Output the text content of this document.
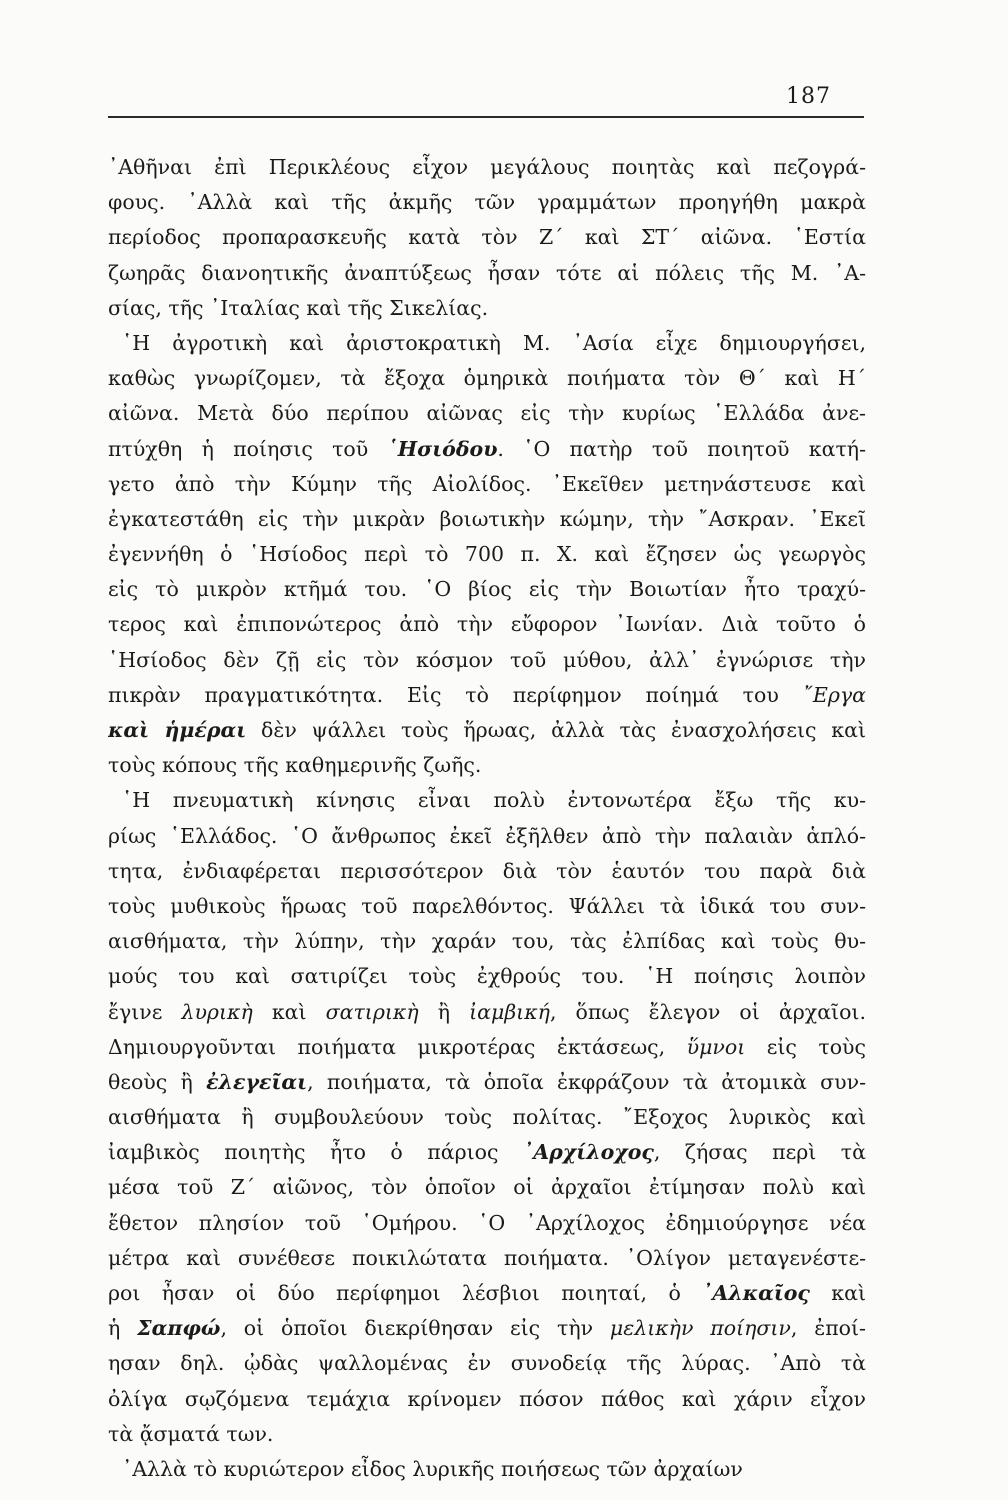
187
᾿Αθῆναι ἐπὶ Περικλέους εἶχον μεγάλους ποιητὰς καὶ πεζογρά-
φους. ᾿Αλλὰ καὶ τῆς ἀκμῆς τῶν γραμμάτων προηγήθη μακρὰ
περίοδος προπαρασκευῆς κατὰ τὸν Ζ΄ καὶ ΣΤ΄ αἰῶνα. ῾Εστία
ζωηρᾶς διανοητικῆς ἀναπτύξεως ἦσαν τότε αἱ πόλεις τῆς Μ. ᾿Α-
σίας, τῆς ᾿Ιταλίας καὶ τῆς Σικελίας.
῾Η ἀγροτικὴ καὶ ἀριστοκρατικὴ Μ. ᾿Ασία εἶχε δημιουργήσει,
καθὼς γνωρίζομεν, τὰ ἔξοχα ὁμηρικὰ ποιήματα τὸν Θ΄ καὶ Η΄
αἰῶνα. Μετὰ δύο περίπου αἰῶνας εἰς τὴν κυρίως ῾Ελλάδα ἀνε-
πτύχθη ἡ ποίησις τοῦ ῾Ησιόδου. ῾Ο πατὴρ τοῦ ποιητοῦ κατή-
γετο ἀπὸ τὴν Κύμην τῆς Αἰολίδος. ᾿Εκεῖθεν μετηνάστευσε καὶ
ἐγκατεστάθη εἰς τὴν μικρὰν βοιωτικὴν κώμην, τὴν ῎Ασκραν. ᾿Εκεῖ
ἐγεννήθη ὁ ῾Ησίοδος περὶ τὸ 700 π. Χ. καὶ ἔζησεν ὡς γεωργὸς
εἰς τὸ μικρὸν κτῆμά του. ῾Ο βίος εἰς τὴν Βοιωτίαν ἦτο τραχύ-
τερος καὶ ἐπιπονώτερος ἀπὸ τὴν εὔφορον ᾿Ιωνίαν. Διὰ τοῦτο ὁ
῾Ησίοδος δὲν ζῇ εἰς τὸν κόσμον τοῦ μύθου, ἀλλ᾿ ἐγνώρισε τὴν
πικρὰν πραγματικότητα. Εἰς τὸ περίφημον ποίημά του ῎Εργα
καὶ ἡμέραι δὲν ψάλλει τοὺς ἥρωας, ἀλλὰ τὰς ἐνασχολήσεις καὶ
τοὺς κόπους τῆς καθημερινῆς ζωῆς.
῾Η πνευματικὴ κίνησις εἶναι πολὺ ἐντονωτέρα ἔξω τῆς κυ-
ρίως ῾Ελλάδος. ῾Ο ἄνθρωπος ἐκεῖ ἐξῆλθεν ἀπὸ τὴν παλαιὰν ἁπλό-
τητα, ἐνδιαφέρεται περισσότερον διὰ τὸν ἑαυτόν του παρὰ διὰ
τοὺς μυθικοὺς ἥρωας τοῦ παρελθόντος. Ψάλλει τὰ ἰδικά του συν-
αισθήματα, τὴν λύπην, τὴν χαράν του, τὰς ἐλπίδας καὶ τοὺς θυ-
μούς του καὶ σατιρίζει τοὺς ἐχθρούς του. ῾Η ποίησις λοιπὸν
ἔγινε λυρικὴ καὶ σατιρικὴ ἢ ἰαμβική, ὅπως ἔλεγον οἱ ἀρχαῖοι.
Δημιουργοῦνται ποιήματα μικροτέρας ἐκτάσεως, ὕμνοι εἰς τοὺς
θεοὺς ἢ ἐλεγεῖαι, ποιήματα, τὰ ὁποῖα ἐκφράζουν τὰ ἀτομικὰ συν-
αισθήματα ἢ συμβουλεύουν τοὺς πολίτας. ῎Εξοχος λυρικὸς καὶ
ἰαμβικὸς ποιητὴς ἦτο ὁ πάριος ᾿Αρχίλοχος, ζήσας περὶ τὰ
μέσα τοῦ Ζ΄ αἰῶνος, τὸν ὁποῖον οἱ ἀρχαῖοι ἐτίμησαν πολὺ καὶ
ἔθετον πλησίον τοῦ ῾Ομήρου. ῾Ο ᾿Αρχίλοχος ἐδημιούργησε νέα
μέτρα καὶ συνέθεσε ποικιλώτατα ποιήματα. ᾿Ολίγον μεταγενέστε-
ροι ἦσαν οἱ δύο περίφημοι λέσβιοι ποιηταί, ὁ ᾿Αλκαῖος καὶ
ἡ Σαπφώ, οἱ ὁποῖοι διεκρίθησαν εἰς τὴν μελικὴν ποίησιν, ἐποί-
ησαν δηλ. ᾠδὰς ψαλλομένας ἐν συνοδείᾳ τῆς λύρας. ᾿Απὸ τὰ
ὀλίγα σῳζόμενα τεμάχια κρίνομεν πόσον πάθος καὶ χάριν εἶχον
τὰ ᾄσματά των.
᾿Αλλὰ τὸ κυριώτερον εἶδος λυρικῆς ποιήσεως τῶν ἀρχαίων
